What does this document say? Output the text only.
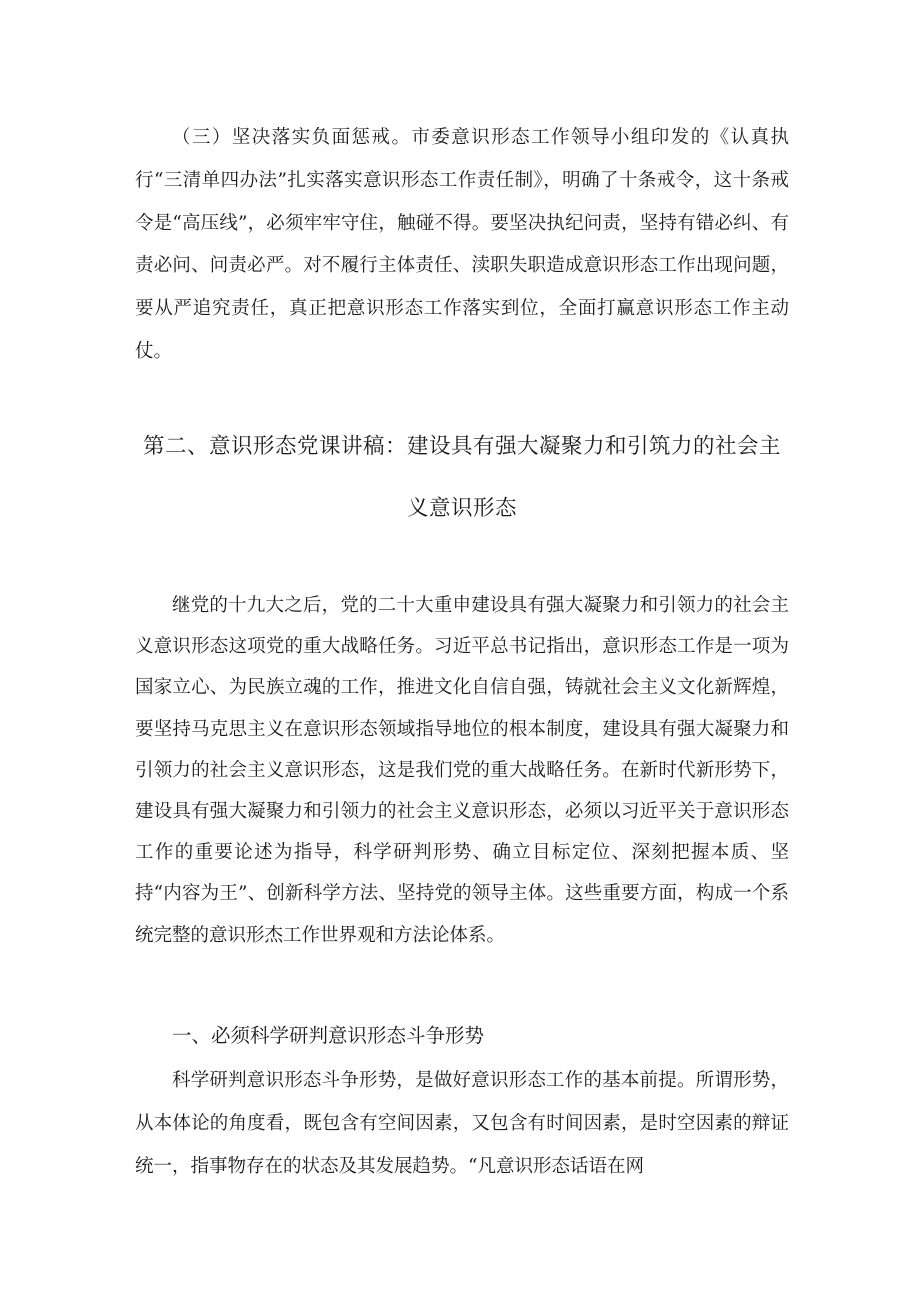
（三）坚决落实负面惩戒。市委意识形态工作领导小组印发的《认真执行“三清单四办法”扎实落实意识形态工作责任制》，明确了十条戒令，这十条戒令是“高压线”，必须牢牢守住，触碰不得。要坚决执纪问责，坚持有错必纠、有责必问、问责必严。对不履行主体责任、渎职失职造成意识形态工作出现问题，要从严追究责任，真正把意识形态工作落实到位，全面打赢意识形态工作主动仗。

第二、意识形态党课讲稿：建设具有强大凝聚力和引筑力的社会主义意识形态

继党的十九大之后，党的二十大重申建设具有强大凝聚力和引领力的社会主义意识形态这项党的重大战略任务。习近平总书记指出，意识形态工作是一项为国家立心、为民族立魂的工作，推进文化自信自强，铸就社会主义文化新辉煌，要坚持马克思主义在意识形态领域指导地位的根本制度，建设具有强大凝聚力和引领力的社会主义意识形态，这是我们党的重大战略任务。在新时代新形势下，建设具有强大凝聚力和引领力的社会主义意识形态，必须以习近平关于意识形态工作的重要论述为指导，科学研判形势、确立目标定位、深刻把握本质、坚持“内容为王”、创新科学方法、坚持党的领导主体。这些重要方面，构成一个系统完整的意识形杰工作世界观和方法论体系。

一、必须科学研判意识形态斗争形势

科学研判意识形态斗争形势，是做好意识形态工作的基本前提。所谓形势，从本体论的角度看，既包含有空间因素，又包含有时间因素，是时空因素的辩证统一，指事物存在的状态及其发展趋势。“凡意识形态话语在网
